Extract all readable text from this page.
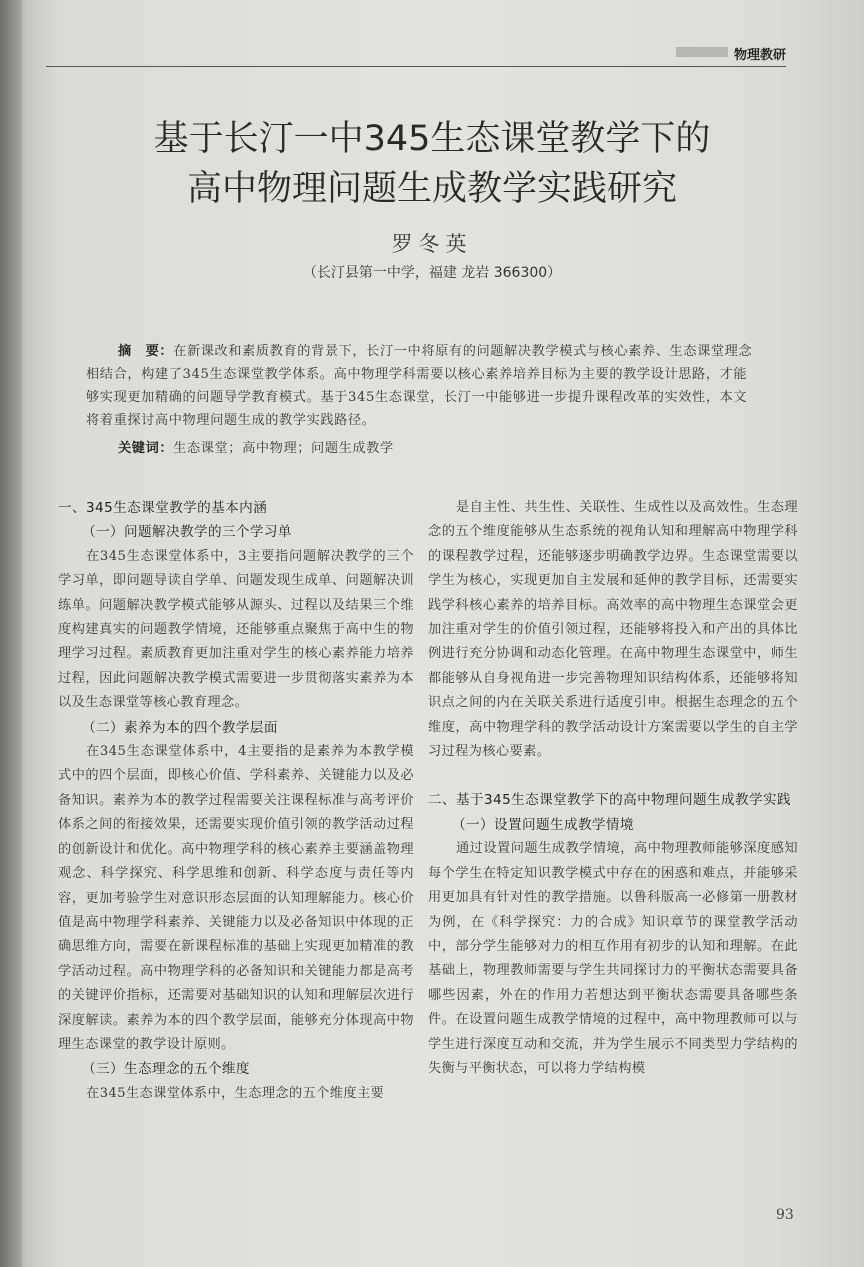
物理教研
基于长汀一中345生态课堂教学下的
高中物理问题生成教学实践研究
罗冬英
（长汀县第一中学，福建 龙岩 366300）
摘　要：在新课改和素质教育的背景下，长汀一中将原有的问题解决教学模式与核心素养、生态课堂理念相结合，构建了345生态课堂教学体系。高中物理学科需要以核心素养培养目标为主要的教学设计思路，才能够实现更加精确的问题导学教育模式。基于345生态课堂，长汀一中能够进一步提升课程改革的实效性，本文将着重探讨高中物理问题生成的教学实践路径。
关键词：生态课堂；高中物理；问题生成教学
一、345生态课堂教学的基本内涵
（一）问题解决教学的三个学习单

在345生态课堂体系中，3主要指问题解决教学的三个学习单，即问题导读自学单、问题发现生成单、问题解决训练单。问题解决教学模式能够从源头、过程以及结果三个维度构建真实的问题教学情境，还能够重点聚焦于高中生的物理学习过程。素质教育更加注重对学生的核心素养能力培养过程，因此问题解决教学模式需要进一步贯彻落实素养为本以及生态课堂等核心教育理念。

（二）素养为本的四个教学层面

在345生态课堂体系中，4主要指的是素养为本教学模式中的四个层面，即核心价值、学科素养、关键能力以及必备知识。素养为本的教学过程需要关注课程标准与高考评价体系之间的衔接效果，还需要实现价值引领的教学活动过程的创新设计和优化。高中物理学科的核心素养主要涵盖物理观念、科学探究、科学思维和创新、科学态度与责任等内容，更加考验学生对意识形态层面的认知理解能力。核心价值是高中物理学科素养、关键能力以及必备知识中体现的正确思维方向，需要在新课程标准的基础上实现更加精准的教学活动过程。高中物理学科的必备知识和关键能力都是高考的关键评价指标，还需要对基础知识的认知和理解层次进行深度解读。素养为本的四个教学层面，能够充分体现高中物理生态课堂的教学设计原则。

（三）生态理念的五个维度

在345生态课堂体系中，生态理念的五个维度主要

是自主性、共生性、关联性、生成性以及高效性。生态理念的五个维度能够从生态系统的视角认知和理解高中物理学科的课程教学过程，还能够逐步明确教学边界。生态课堂需要以学生为核心，实现更加自主发展和延伸的教学目标，还需要实践学科核心素养的培养目标。高效率的高中物理生态课堂会更加注重对学生的价值引领过程，还能够将投入和产出的具体比例进行充分协调和动态化管理。在高中物理生态课堂中，师生都能够从自身视角进一步完善物理知识结构体系，还能够将知识点之间的内在关联关系进行适度引申。根据生态理念的五个维度，高中物理学科的教学活动设计方案需要以学生的自主学习过程为核心要素。

二、基于345生态课堂教学下的高中物理问题生成教学实践
（一）设置问题生成教学情境

通过设置问题生成教学情境，高中物理教师能够深度感知每个学生在特定知识教学模式中存在的困惑和难点，并能够采用更加具有针对性的教学措施。以鲁科版高一必修第一册教材为例，在《科学探究：力的合成》知识章节的课堂教学活动中，部分学生能够对力的相互作用有初步的认知和理解。在此基础上，物理教师需要与学生共同探讨力的平衡状态需要具备哪些因素，外在的作用力若想达到平衡状态需要具备哪些条件。在设置问题生成教学情境的过程中，高中物理教师可以与学生进行深度互动和交流，并为学生展示不同类型力学结构的失衡与平衡状态，可以将力学结构模

93
